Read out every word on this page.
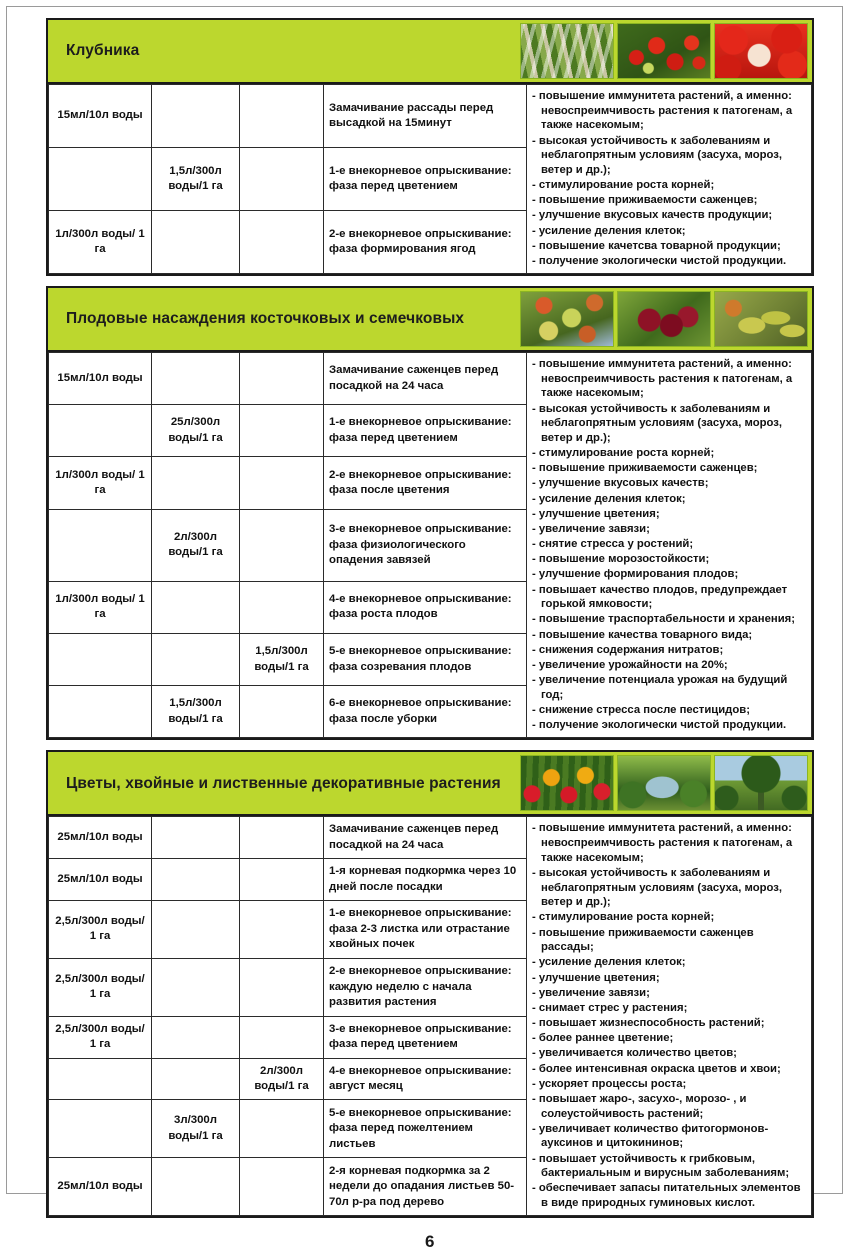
Клубника
15мл/10л воды			Замачивание рассады перед высадкой на 15минут	
- повышение иммунитета растений, а именно: невоспреимчивость растения к патогенам, а также насекомым;
- высокая устойчивость к заболеваниям и неблагопрятным условиям (засуха, мороз, ветер и др.);
- стимулирование роста корней;
- повышение приживаемости саженцев;
- улучшение вкусовых качеств продукции;
- усиление деления клеток;
- повышение качетсва товарной продукции;
- получение экологически чистой продукции.

	1,5л/300л воды/1 га		1-е внекорневое опрыскивание: фаза перед цветением	
1л/300л воды/ 1 га			2-е внекорневое опрыскивание: фаза формирования ягод	
Плодовые насаждения косточковых и семечковых
15мл/10л воды			Замачивание саженцев перед посадкой на 24 часа	
- повышение иммунитета растений, а именно: невоспреимчивость растения к патогенам, а также насекомым;
- высокая устойчивость к заболеваниям и неблагопрятным условиям (засуха, мороз, ветер и др.);
- стимулирование роста корней;
- повышение приживаемости саженцев;
- улучшение вкусовых качеств;
- усиление деления клеток;
- улучшение цветения;
- увеличение завязи;
- снятие стресса у ростений;
- повышение морозостойкости;
- улучшение формирования плодов;
- повышает качество плодов, предупреждает горькой ямковости;
- повышение траспортабельности и хранения;
- повышение качества товарного вида;
- снижения содержания нитратов;
- увеличение урожайности на 20%;
- увеличение потенциала урожая на будущий год;
- снижение стресса после пестицидов;
- получение экологически чистой продукции.

	25л/300л воды/1 га		1-е внекорневое опрыскивание: фаза перед цветением	
1л/300л воды/ 1 га			2-е внекорневое опрыскивание: фаза после цветения	
	2л/300л воды/1 га		3-е внекорневое опрыскивание: фаза физиологического опадения завязей	
1л/300л воды/ 1 га			4-е внекорневое опрыскивание: фаза роста плодов	
		1,5л/300л воды/1 га	5-е внекорневое опрыскивание: фаза созревания плодов	
	1,5л/300л воды/1 га		6-е внекорневое опрыскивание: фаза после уборки	
Цветы, хвойные и лиственные декоративные растения
25мл/10л воды			Замачивание саженцев перед посадкой на 24 часа	
- повышение иммунитета растений, а именно: невоспреимчивость растения к патогенам, а также насекомым;
- высокая устойчивость к заболеваниям и неблагопрятным условиям (засуха, мороз, ветер и др.);
- стимулирование роста корней;
- повышение приживаемости саженцев рассады;
- усиление деления клеток;
- улучшение цветения;
- увеличение завязи;
- снимает стрес у растения;
- повышает жизнеспособность растений;
- более раннее цветение;
- увеличивается количество цветов;
- более интенсивная окраска цветов и хвои;
- ускоряет процессы роста;
- повышает жаро-, засухо-, морозо- , и солеустойчивость растений;
- увеличивает количество фитогормонов-ауксинов и цитокининов;
- повышает устойчивость к грибковым, бактериальным и вирусным заболеваниям;
- обеспечивает запасы питательных элементов в виде природных гуминовых кислот.

25мл/10л воды			1-я корневая подкормка через 10 дней после посадки	
2,5л/300л воды/ 1 га			1-е внекорневое опрыскивание: фаза 2-3 листка или отрастание хвойных почек	
2,5л/300л воды/ 1 га			2-е внекорневое опрыскивание: каждую неделю с начала развития растения	
2,5л/300л воды/ 1 га			3-е внекорневое опрыскивание: фаза перед цветением	
		2л/300л воды/1 га	4-е внекорневое опрыскивание: август месяц	
	3л/300л воды/1 га		5-е внекорневое опрыскивание: фаза перед пожелтением листьев	
25мл/10л воды			2-я корневая подкормка за 2 недели до опадания листьев 50-70л р-ра под дерево	
6
